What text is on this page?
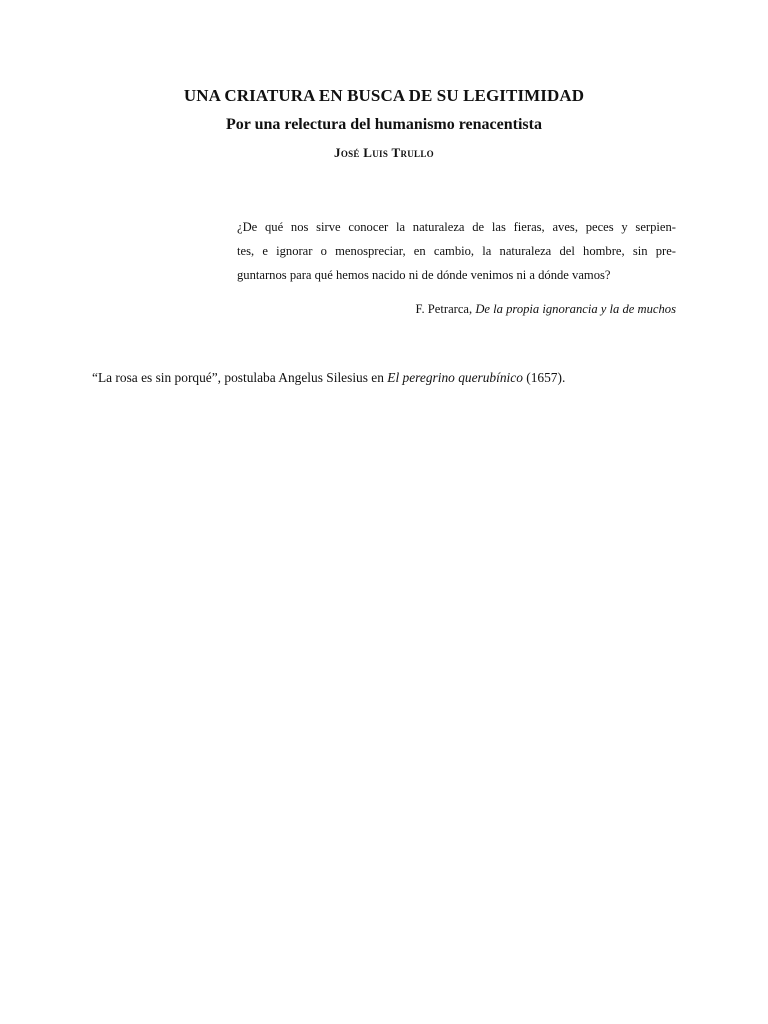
UNA CRIATURA EN BUSCA DE SU LEGITIMIDAD
Por una relectura del humanismo renacentista
José Luis Trullo
¿De qué nos sirve conocer la naturaleza de las fieras, aves, peces y serpien-
tes, e ignorar o menospreciar, en cambio, la naturaleza del hombre, sin pre-
guntarnos para qué hemos nacido ni de dónde venimos ni a dónde vamos?
F. Petrarca, De la propia ignorancia y la de muchos
“La rosa es sin porqué”, postulaba Angelus Silesius en El peregrino querubínico (1657).
